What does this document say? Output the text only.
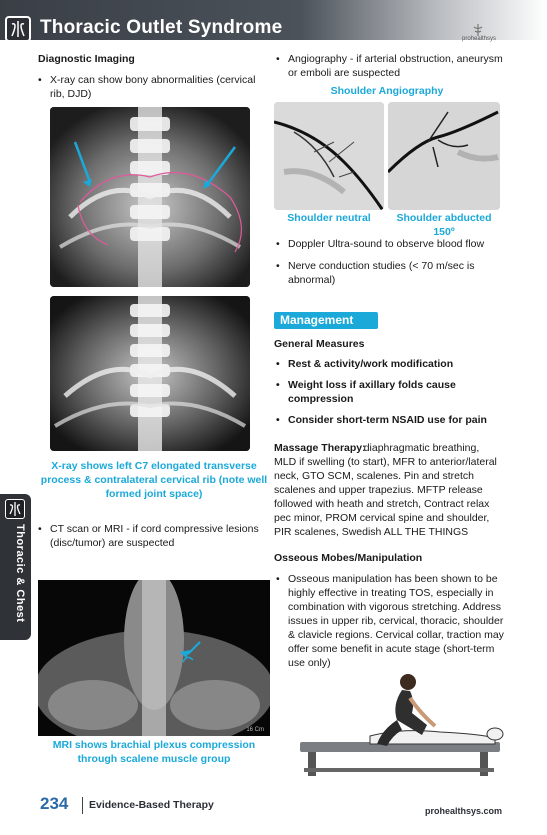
Thoracic Outlet Syndrome
prohealthsys
Thoracic & Chest
Diagnostic Imaging
• X-ray can show bony abnormalities (cervical rib, DJD)
X-ray shows left C7 elongated transverse process & contralateral cervical rib (note well formed joint space)
• CT scan or MRI - if cord compressive lesions (disc/tumor) are suspected
16 Cm
MRI shows brachial plexus compression through scalene muscle group
• Angiography - if arterial obstruction, aneurysm or emboli are suspected
Shoulder Angiography
Shoulder neutral	Shoulder abducted 150º
• Doppler Ultra-sound to observe blood flow
• Nerve conduction studies (< 70 m/sec is abnormal)
Management
General Measures
• Rest & activity/work modification
• Weight loss if axillary folds cause compression
• Consider short-term NSAID use for pain
Massage Therapy:
diaphragmatic breathing, MLD if swelling (to start), MFR to anterior/lateral neck, GTO SCM, scalenes. Pin and stretch scalenes and upper trapezius. MFTP release followed with heath and stretch, Contract relax pec minor, PROM cervical spine and shoulder, PIR scalenes, Swedish ALL THE THINGS
Osseous Mobes/Manipulation
• Osseous manipulation has been shown to be highly effective in treating TOS, especially in combination with vigorous stretching. Address issues in upper rib, cervical, thoracic, shoulder & clavicle regions. Cervical collar, traction may offer some benefit in acute stage (short-term use only)
234 Evidence-Based Therapy	prohealthsys.com
